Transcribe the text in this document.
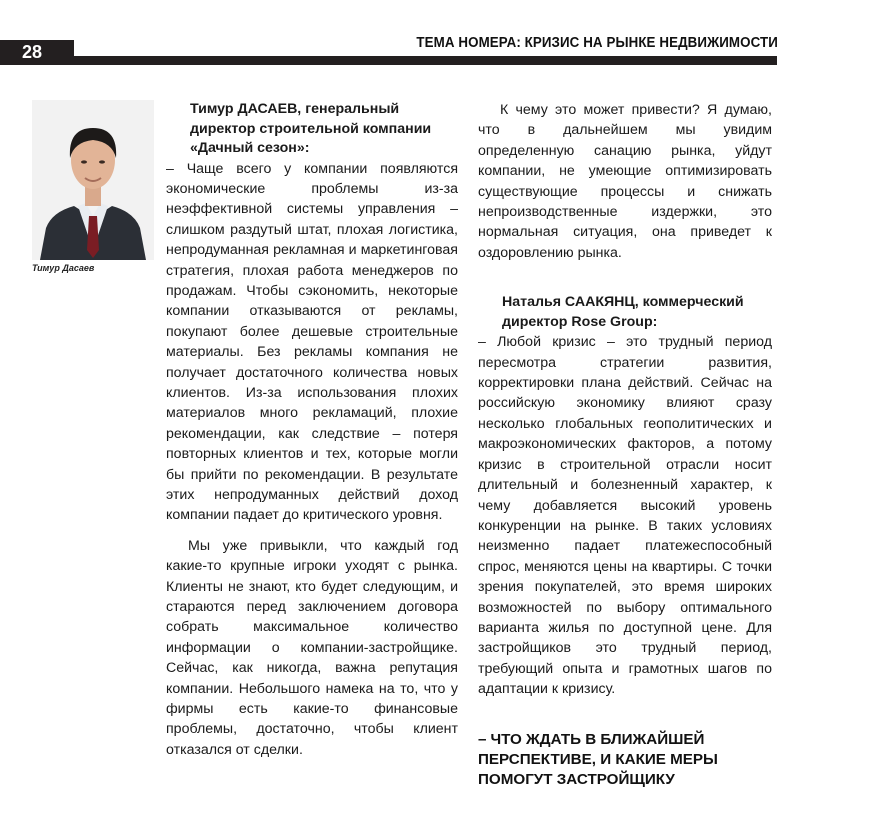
28	ТЕМА НОМЕРА: КРИЗИС НА РЫНКЕ НЕДВИЖИМОСТИ
Тимур Дасаев

Тимур ДАСАЕВ, генеральный директор строительной компании «Дачный сезон»:

– Чаще всего у компании появляются экономические проблемы из-за неэффективной системы управления – слишком раздутый штат, плохая логистика, непродуманная рекламная и маркетинговая стратегия, плохая работа менеджеров по продажам. Чтобы сэкономить, некоторые компании отказываются от рекламы, покупают более дешевые строительные материалы. Без рекламы компания не получает достаточного количества новых клиентов. Из-за использования плохих материалов много рекламаций, плохие рекомендации, как следствие – потеря повторных клиентов и тех, которые могли бы прийти по рекомендации. В результате этих непродуманных действий доход компании падает до критического уровня.

Мы уже привыкли, что каждый год какие-то крупные игроки уходят с рынка. Клиенты не знают, кто будет следующим, и стараются перед заключением договора собрать максимальное количество информации о компании-застройщике. Сейчас, как никогда, важна репутация компании. Небольшого намека на то, что у фирмы есть какие-то финансовые проблемы, достаточно, чтобы клиент отказался от сделки.

К чему это может привести? Я думаю, что в дальнейшем мы увидим определенную санацию рынка, уйдут компании, не умеющие оптимизировать существующие процессы и снижать непроизводственные издержки, это нормальная ситуация, она приведет к оздоровлению рынка.

Наталья СААКЯНЦ, коммерческий директор Rose Group:

– Любой кризис – это трудный период пересмотра стратегии развития, корректировки плана действий. Сейчас на российскую экономику влияют сразу несколько глобальных геополитических и макроэкономических факторов, а потому кризис в строительной отрасли носит длительный и болезненный характер, к чему добавляется высокий уровень конкуренции на рынке. В таких условиях неизменно падает платежеспособный спрос, меняются цены на квартиры. С точки зрения покупателей, это время широких возможностей по выбору оптимального варианта жилья по доступной цене. Для застройщиков это трудный период, требующий опыта и грамотных шагов по адаптации к кризису.

– ЧТО ЖДАТЬ В БЛИЖАЙШЕЙ ПЕРСПЕКТИВЕ, И КАКИЕ МЕРЫ ПОМОГУТ ЗАСТРОЙЩИКУ
